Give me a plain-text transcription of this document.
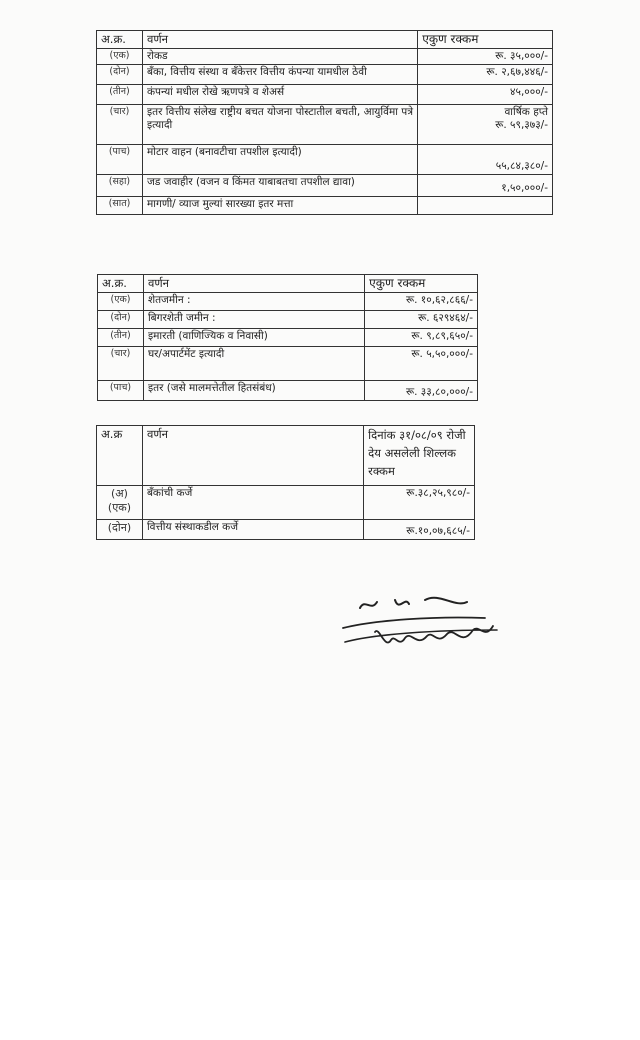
अ.क्र.	वर्णन	एकुण रक्कम
(एक)	रोकड	रू. ३५,०००/-
(दोन)	बँका, वित्तीय संस्था व बँकेत्तर वित्तीय कंपन्या यामधील ठेवी	रू. २,६७,४४६/-
(तीन)	कंपन्यां मधील रोखे ऋणपत्रे व शेअर्स	४५,०००/-
(चार)	इतर वित्तीय संलेख राष्ट्रीय बचत योजना पोस्टातील बचती, आयुर्विमा पत्रे इत्यादी	वार्षिक हप्ते
रू. ५९,३७३/-

(पाच)	मोटार वाहन (बनावटीचा तपशील इत्यादी)	५५,८४,३८०/-
(सहा)	जड जवाहीर (वजन व किंमत याबाबतचा तपशील द्यावा)	१,५०,०००/-
(सात)	मागणी/ व्याज मुल्यां सारख्या इतर मत्ता	
अ.क्र.	वर्णन	एकुण रक्कम
(एक)	शेतजमीन :	रू. १०,६२,८६६/-
(दोन)	बिगरशेती जमीन :	रू. ६२९४६४/-
(तीन)	इमारती (वाणिज्यिक व निवासी)	रू. ९,८९,६५०/-
(चार)	घर/अपार्टमेंट इत्यादी	रू. ५,५०,०००/-
(पाच)	इतर (जसे मालमत्तेतील हितसंबंध)	रू. ३३,८०,०००/-
अ.क्र	वर्णन	दिनांक ३१/०८/०९ रोजी देय असलेली शिल्लक रक्कम
(अ) (एक)	बँकांची कर्जे	रू.३८,२५,९८०/-
(दोन)	वित्तीय संस्थाकडील कर्जे	रू.१०,०७,६८५/-
